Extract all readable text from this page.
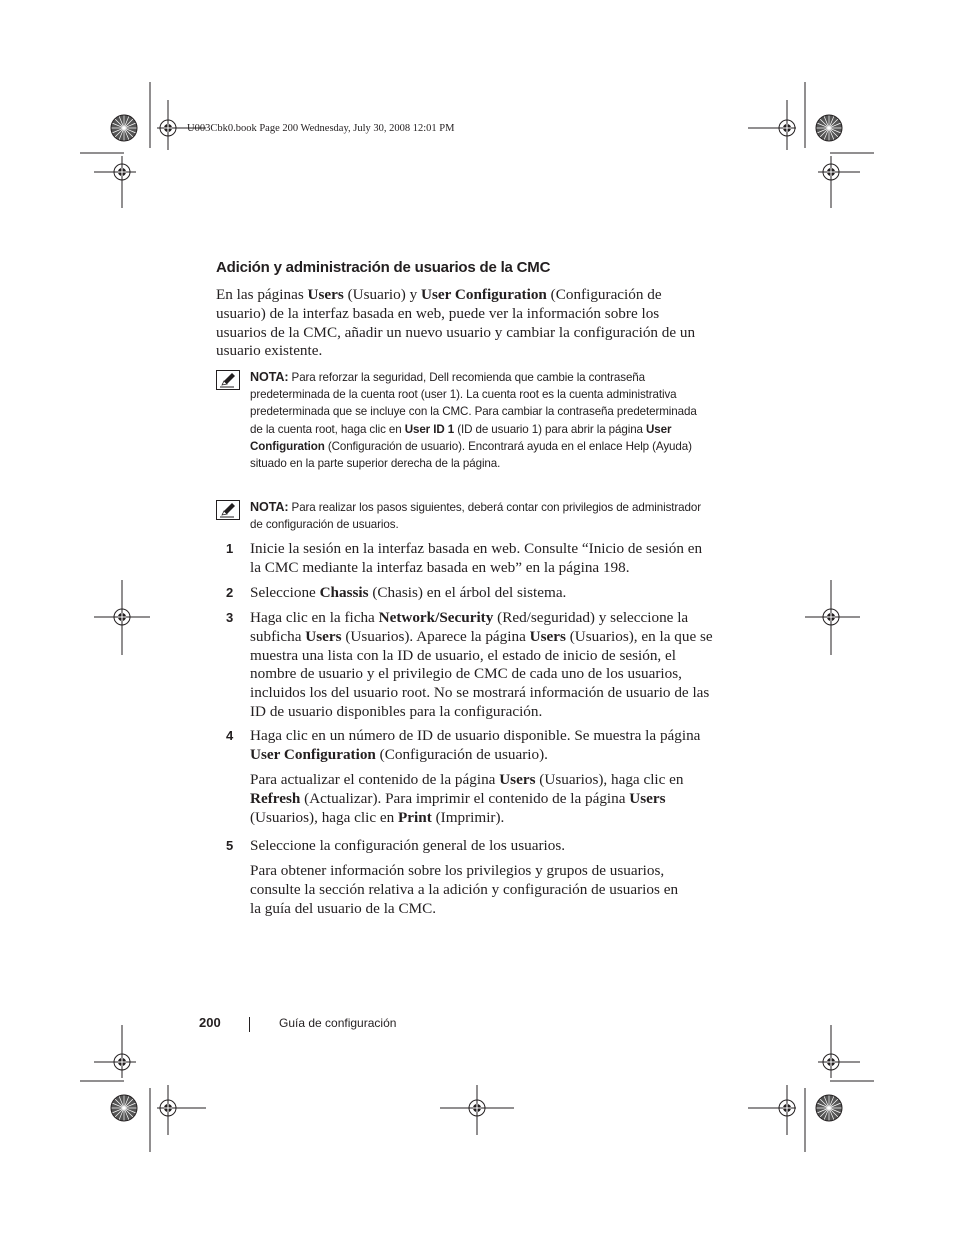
U003Cbk0.book Page 200 Wednesday, July 30, 2008 12:01 PM
Adición y administración de usuarios de la CMC

En las páginas Users (Usuario) y User Configuration (Configuración de usuario) de la interfaz basada en web, puede ver la información sobre los usuarios de la CMC, añadir un nuevo usuario y cambiar la configuración de un usuario existente.

NOTA: Para reforzar la seguridad, Dell recomienda que cambie la contraseña predeterminada de la cuenta root (user 1). La cuenta root es la cuenta administrativa predeterminada que se incluye con la CMC. Para cambiar la contraseña predeterminada de la cuenta root, haga clic en User ID 1 (ID de usuario 1) para abrir la página User Configuration (Configuración de usuario). Encontrará ayuda en el enlace Help (Ayuda) situado en la parte superior derecha de la página.
NOTA: Para realizar los pasos siguientes, deberá contar con privilegios de administrador de configuración de usuarios.
1 Inicie la sesión en la interfaz basada en web. Consulte “Inicio de sesión en la CMC mediante la interfaz basada en web” en la página 198.
2 Seleccione Chassis (Chasis) en el árbol del sistema.
3 Haga clic en la ficha Network/Security (Red/seguridad) y seleccione la subficha Users (Usuarios). Aparece la página Users (Usuarios), en la que se muestra una lista con la ID de usuario, el estado de inicio de sesión, el nombre de usuario y el privilegio de CMC de cada uno de los usuarios, incluidos los del usuario root. No se mostrará información de usuario de las ID de usuario disponibles para la configuración.
4 Haga clic en un número de ID de usuario disponible. Se muestra la página User Configuration (Configuración de usuario).
Para actualizar el contenido de la página Users (Usuarios), haga clic en Refresh (Actualizar). Para imprimir el contenido de la página Users (Usuarios), haga clic en Print (Imprimir).
5 Seleccione la configuración general de los usuarios.
Para obtener información sobre los privilegios y grupos de usuarios, consulte la sección relativa a la adición y configuración de usuarios en la guía del usuario de la CMC.
200	Guía de configuración
